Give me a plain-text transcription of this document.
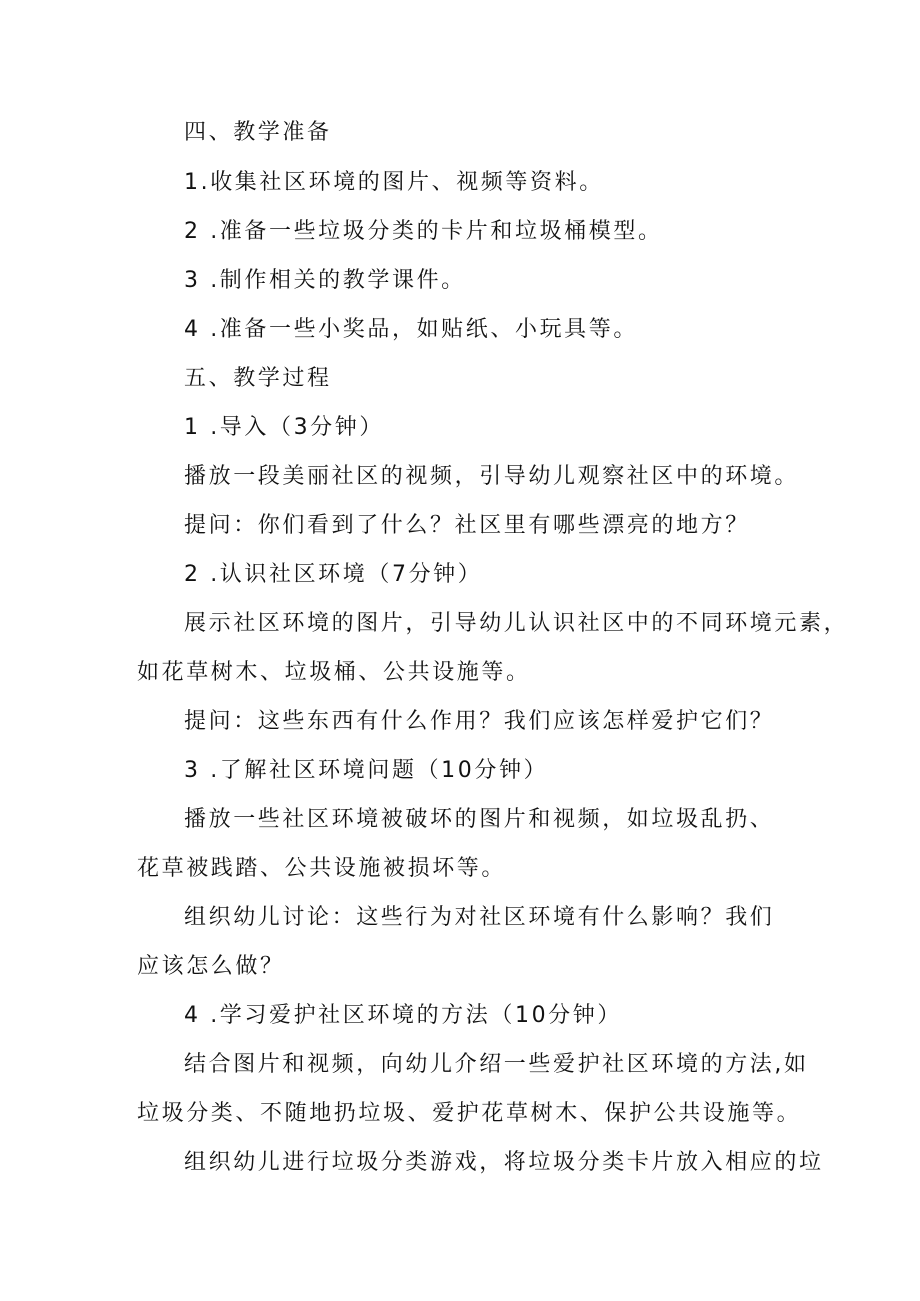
四、教学准备

1.收集社区环境的图片、视频等资料。

2 .准备一些垃圾分类的卡片和垃圾桶模型。

3 .制作相关的教学课件。

4 .准备一些小奖品，如贴纸、小玩具等。

五、教学过程

1 .导入（3分钟）

播放一段美丽社区的视频，引导幼儿观察社区中的环境。

提问：你们看到了什么？社区里有哪些漂亮的地方？

2 .认识社区环境（7分钟）

展示社区环境的图片，引导幼儿认识社区中的不同环境元素，

如花草树木、垃圾桶、公共设施等。

提问：这些东西有什么作用？我们应该怎样爱护它们？

3 .了解社区环境问题（10分钟）

播放一些社区环境被破坏的图片和视频，如垃圾乱扔、

花草被践踏、公共设施被损坏等。

组织幼儿讨论：这些行为对社区环境有什么影响？我们

应该怎么做？

4 .学习爱护社区环境的方法（10分钟）

结合图片和视频，向幼儿介绍一些爱护社区环境的方法,如

垃圾分类、不随地扔垃圾、爱护花草树木、保护公共设施等。

组织幼儿进行垃圾分类游戏，将垃圾分类卡片放入相应的垃
